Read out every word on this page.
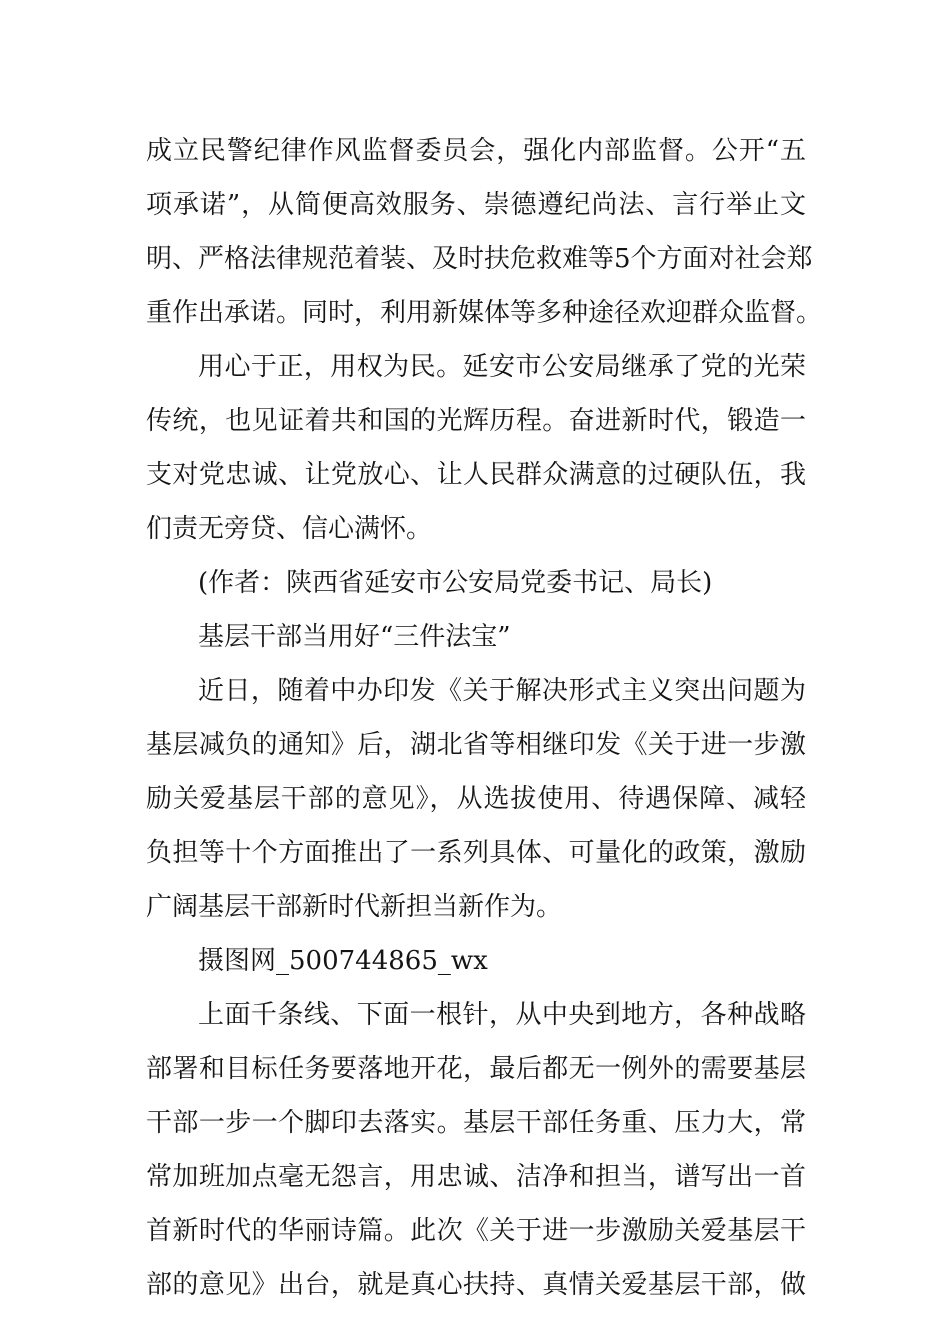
成立民警纪律作风监督委员会，强化内部监督。公开“五
项承诺”，从简便高效服务、崇德遵纪尚法、言行举止文
明、严格法律规范着装、及时扶危救难等5个方面对社会郑
重作出承诺。同时，利用新媒体等多种途径欢迎群众监督。
用心于正，用权为民。延安市公安局继承了党的光荣
传统，也见证着共和国的光辉历程。奋进新时代，锻造一
支对党忠诚、让党放心、让人民群众满意的过硬队伍，我
们责无旁贷、信心满怀。
(作者：陕西省延安市公安局党委书记、局长)
基层干部当用好“三件法宝”
近日，随着中办印发《关于解决形式主义突出问题为
基层减负的通知》后，湖北省等相继印发《关于进一步激
励关爱基层干部的意见》，从选拔使用、待遇保障、减轻
负担等十个方面推出了一系列具体、可量化的政策，激励
广阔基层干部新时代新担当新作为。
摄图网_500744865_wx
上面千条线、下面一根针，从中央到地方，各种战略
部署和目标任务要落地开花，最后都无一例外的需要基层
干部一步一个脚印去落实。基层干部任务重、压力大，常
常加班加点毫无怨言，用忠诚、洁净和担当，谱写出一首
首新时代的华丽诗篇。此次《关于进一步激励关爱基层干
部的意见》出台，就是真心扶持、真情关爱基层干部，做
